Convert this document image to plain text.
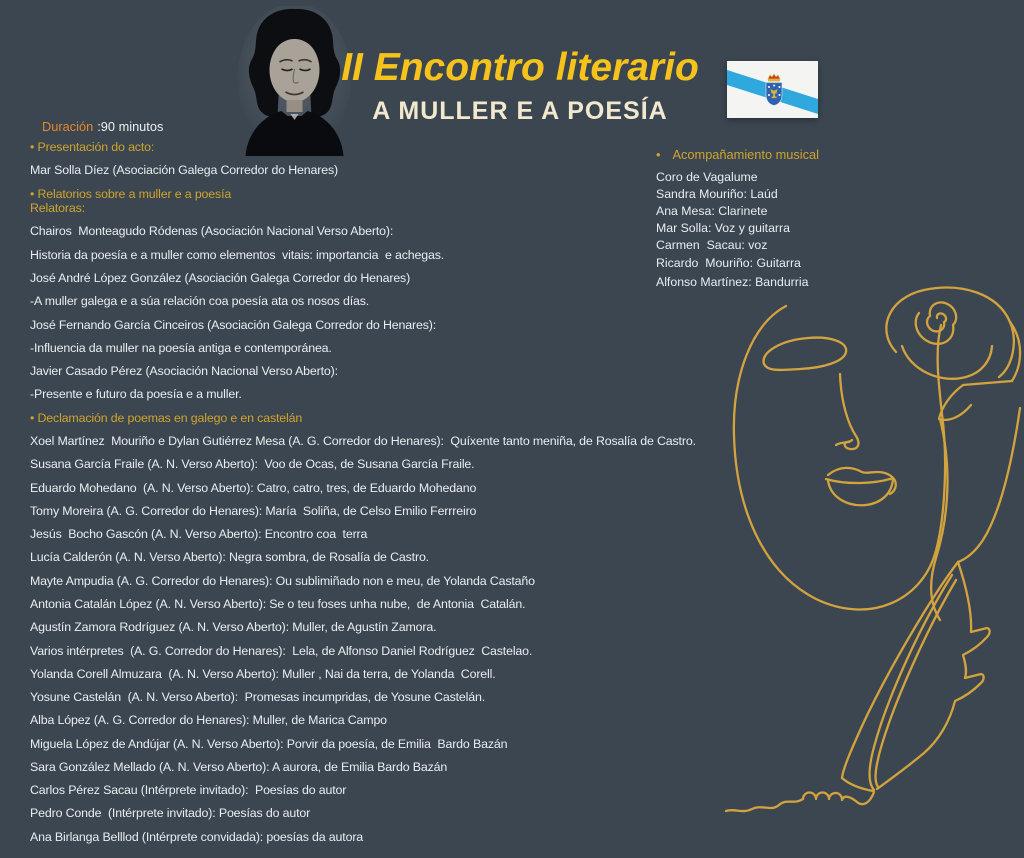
II Encontro literario
A MULLER E A POESÍA
Duración :90 minutos
• Presentación do acto:
Mar Solla Díez (Asociación Galega Corredor do Henares)
• Relatorios sobre a muller e a poesía
Relatoras:
Chairos  Monteagudo Ródenas (Asociación Nacional Verso Aberto):
Historia da poesía e a muller como elementos  vitais: importancia  e achegas.
José André López González (Asociación Galega Corredor do Henares)
-A muller galega e a súa relación coa poesía ata os nosos días.
José Fernando García Cinceiros (Asociación Galega Corredor do Henares):
-Influencia da muller na poesía antiga e contemporánea.
Javier Casado Pérez (Asociación Nacional Verso Aberto):
-Presente e futuro da poesía e a muller.
• Declamación de poemas en galego e en castelán
Xoel Martínez  Mouriño e Dylan Gutiérrez Mesa (A. G. Corredor do Henares):  Quíxente tanto meniña, de Rosalía de Castro.
Susana García Fraile (A. N. Verso Aberto):  Voo de Ocas, de Susana García Fraile.
Eduardo Mohedano  (A. N. Verso Aberto): Catro, catro, tres, de Eduardo Mohedano
Tomy Moreira (A. G. Corredor do Henares): María  Soliña, de Celso Emilio Ferrreiro
Jesús  Bocho Gascón (A. N. Verso Aberto): Encontro coa  terra
Lucía Calderón (A. N. Verso Aberto): Negra sombra, de Rosalía de Castro.
Mayte Ampudia (A. G. Corredor do Henares): Ou sublimiñado non e meu, de Yolanda Castaño
Antonia Catalán López (A. N. Verso Aberto): Se o teu foses unha nube,  de Antonia  Catalán.
Agustín Zamora Rodríguez (A. N. Verso Aberto): Muller, de Agustín Zamora.
Varios intérpretes  (A. G. Corredor do Henares):  Lela, de Alfonso Daniel Rodríguez  Castelao.
Yolanda Corell Almuzara  (A. N. Verso Aberto): Muller , Nai da terra, de Yolanda  Corell.
Yosune Castelán  (A. N. Verso Aberto):  Promesas incumpridas, de Yosune Castelán.
Alba López (A. G. Corredor do Henares): Muller, de Marica Campo
Miguela López de Andújar (A. N. Verso Aberto): Porvir da poesía, de Emilia  Bardo Bazán
Sara González Mellado (A. N. Verso Aberto): A aurora, de Emilia Bardo Bazán
Carlos Pérez Sacau (Intérprete invitado):  Poesías do autor
Pedro Conde  (Intérprete invitado): Poesías do autor
Ana Birlanga Belllod (Intérprete convidada): poesías da autora
• Acompañamiento musical
Coro de Vagalume
Sandra Mouriño: Laúd
Ana Mesa: Clarinete
Mar Solla: Voz y guitarra
Carmen  Sacau: voz
Ricardo  Mouriño: Guitarra
Alfonso Martínez: Bandurria
